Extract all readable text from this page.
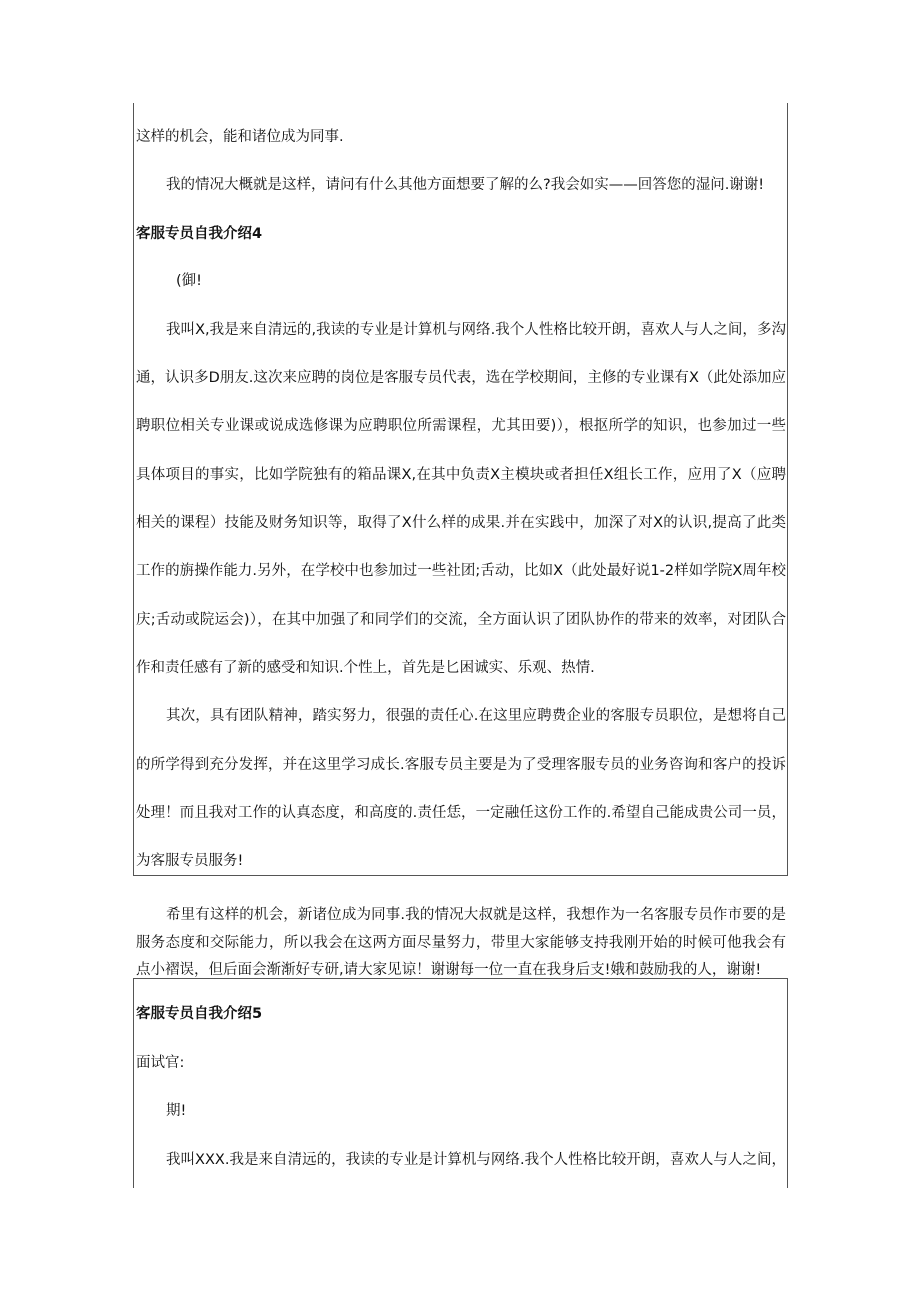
这样的机会，能和诸位成为同事.
我的情况大概就是这样，请问有什么其他方面想要了解的么?我会如实——回答您的湿问.谢谢!
客服专员自我介绍4
(御!
我叫X,我是来自清远的,我读的专业是计算机与网络.我个人性格比较开朗，喜欢人与人之间，多沟
通，认识多D朋友.这次来应聘的岗位是客服专员代表，选在学校期间，主修的专业课有X（此处添加应
聘职位相关专业课或说成选修课为应聘职位所需课程，尤其田要)），根抠所学的知识，也参加过一些
具体项目的事实，比如学院独有的箱品课X,在其中负责X主模块或者担任X组长工作，应用了X（应聘
相关的课程）技能及财务知识等，取得了X什么样的成果.并在实践中，加深了对X的认识,提高了此类
工作的旃操作能力.另外，在学校中也参加过一些社团;舌动，比如X（此处最好说1-2样如学院X周年校
庆;舌动或院运会)），在其中加强了和同学们的交流，全方面认识了团队协作的带来的效率，对团队合
作和责任感有了新的感受和知识.个性上，首先是匕困诚实、乐观、热情.
其次，具有团队精神，踏实努力，很强的责任心.在这里应聘费企业的客服专员职位，是想将自己
的所学得到充分发挥，并在这里学习成长.客服专员主要是为了受理客服专员的业务咨询和客户的投诉
处理！而且我对工作的认真态度，和高度的.责任恁，一定融任这份工作的.希望自己能成贵公司一员，
为客服专员服务!
希里有这样的机会，新诸位成为同事.我的情况大叔就是这样，我想作为一名客服专员作市要的是
服务态度和交际能力，所以我会在这两方面尽量努力，带里大家能够支持我刚开始的时候可他我会有
点小褶误，但后面会渐渐好专研,请大家见谅！谢谢每一位一直在我身后支!娥和鼓励我的人，谢谢!
客服专员自我介绍5
面试官:
期!
我叫XXX.我是来自清远的，我读的专业是计算机与网络.我个人性格比较开朗，喜欢人与人之间，
